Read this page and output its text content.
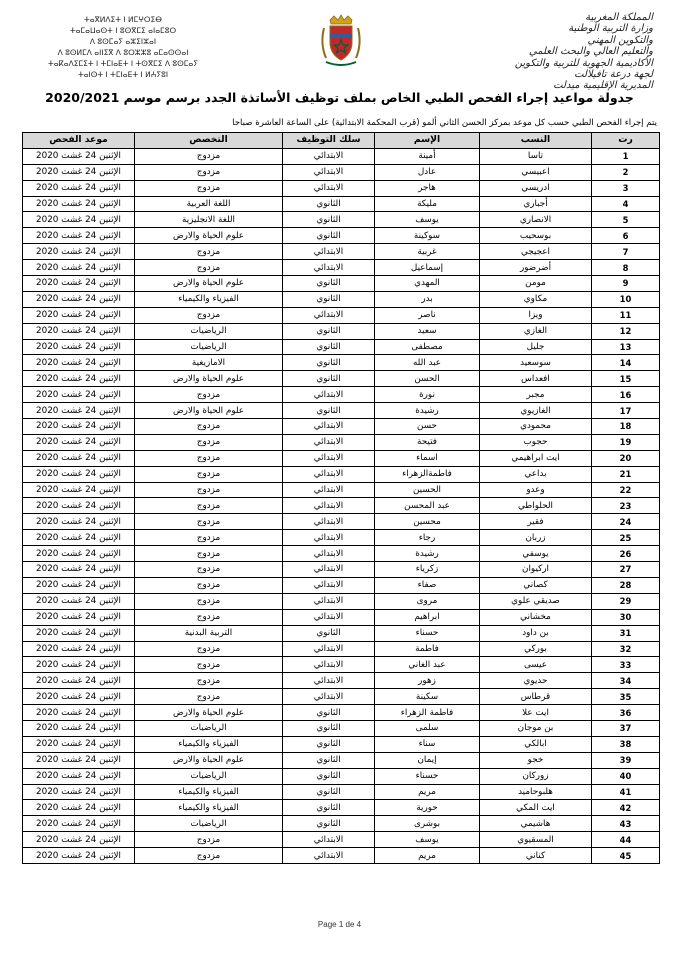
ⵜⴰⴳⵍⴷⵉⵜ ⵏ ⵍⵎⵖⵔⵉⴱ
ⵜⴰⵎⴰⵡⴰⵙⵜ ⵏ ⵓⵙⴳⵎⵉ ⴰⵏⴰⵎⵓⵔ
ⴷ ⵓⵙⵎⴰⵢ ⴰⵣⵉⵏⵣⴰⵏ
ⴷ ⵓⵙⵍⵎⴷ ⴰⵏⵏⵉⴳ ⴷ ⵓⵔⵣⵣⵓ ⴰⵎⴰⵙⵙⴰⵏ
ⵜⴰⴽⴰⴷⵉⵎⵉⵜ ⵏ ⵜⵎⵏⴰⴹⵜ ⵏ ⵜⵙⴳⵎⵉ ⴷ ⵓⵙⵎⴰⵢ
ⵜⴰⵏⵙⵜ ⵏ ⵜⵎⵏⴰⴹⵜ ⵏ ⵍⵄⵢⵓⵏ
المملكة المغربية
وزارة التربية الوطنية
والتكوين المهني
والتعليم العالي والبحث العلمي
الأكاديمية الجهوية للتربية والتكوين
لجهة درعة تافيلالت
المديرية الإقليمية ميدلت
جدولة مواعيد إجراء الفحص الطبي الخاص بملف توظيف الأساتذة الجدد برسم موسم 2020/2021
يتم إجراء الفحص الطبي حسب كل موعد بمركز الحسن الثاني ألمو (قرب المحكمة الابتدائية) على الساعة العاشرة صباحا
رت	النسب	الإسم	سلك التوظيف	التخصص	موعد الفحص
1	تاسا	أمينة	الابتدائي	مزدوج	الإثنين 24 غشت 2020
2	اعبيسي	عادل	الابتدائي	مزدوج	الإثنين 24 غشت 2020
3	ادريسي	هاجر	الابتدائي	مزدوج	الإثنين 24 غشت 2020
4	أجباري	مليكة	الثانوي	اللغة العربية	الإثنين 24 غشت 2020
5	الانصاري	يوسف	الثانوي	اللغة الانجليزية	الإثنين 24 غشت 2020
6	بوسحيب	سوكينة	الثانوي	علوم الحياة والارض	الإثنين 24 غشت 2020
7	اعجيجي	غربية	الابتدائي	مزدوج	الإثنين 24 غشت 2020
8	أضرضور	إسماعيل	الابتدائي	مزدوج	الإثنين 24 غشت 2020
9	مومن	المهدي	الثانوي	علوم الحياة والارض	الإثنين 24 غشت 2020
10	مكاوي	بدر	الثانوي	الفيزياء والكيمياء	الإثنين 24 غشت 2020
11	ويزا	ناصر	الابتدائي	مزدوج	الإثنين 24 غشت 2020
12	الغازي	سعيد	الثانوي	الرياضيات	الإثنين 24 غشت 2020
13	جليل	مصطفى	الثانوي	الرياضيات	الإثنين 24 غشت 2020
14	سوسعيد	عبد الله	الثانوي	الامازيغية	الإثنين 24 غشت 2020
15	افعداس	الحسن	الثانوي	علوم الحياة والارض	الإثنين 24 غشت 2020
16	مجبر	نورة	الابتدائي	مزدوج	الإثنين 24 غشت 2020
17	الغازيوي	رشيدة	الثانوي	علوم الحياة والارض	الإثنين 24 غشت 2020
18	محمودي	حسن	الابتدائي	مزدوج	الإثنين 24 غشت 2020
19	حجوب	فتيحة	الابتدائي	مزدوج	الإثنين 24 غشت 2020
20	ايت ابراهيمي	اسماء	الابتدائي	مزدوج	الإثنين 24 غشت 2020
21	بداعي	فاطمةالزهراء	الابتدائي	مزدوج	الإثنين 24 غشت 2020
22	وعدو	الحسين	الابتدائي	مزدوج	الإثنين 24 غشت 2020
23	الحلواطي	عبد المحسن	الابتدائي	مزدوج	الإثنين 24 غشت 2020
24	فقير	محسين	الابتدائي	مزدوج	الإثنين 24 غشت 2020
25	زربان	رجاء	الابتدائي	مزدوج	الإثنين 24 غشت 2020
26	يوسفي	رشيدة	الابتدائي	مزدوج	الإثنين 24 غشت 2020
27	اركيوان	زكرياء	الابتدائي	مزدوج	الإثنين 24 غشت 2020
28	كصاني	صفاء	الابتدائي	مزدوج	الإثنين 24 غشت 2020
29	صديقي علوي	مروى	الابتدائي	مزدوج	الإثنين 24 غشت 2020
30	مخشاني	ابراهيم	الابتدائي	مزدوج	الإثنين 24 غشت 2020
31	بن داود	حسناء	الثانوي	التربية البدنية	الإثنين 24 غشت 2020
32	بوركي	فاطمة	الابتدائي	مزدوج	الإثنين 24 غشت 2020
33	عيسى	عبد الغاني	الابتدائي	مزدوج	الإثنين 24 غشت 2020
34	حديوي	زهور	الابتدائي	مزدوج	الإثنين 24 غشت 2020
35	قرطاس	سكينة	الابتدائي	مزدوج	الإثنين 24 غشت 2020
36	ايت علا	فاطمة الزهراء	الثانوي	علوم الحياة والارض	الإثنين 24 غشت 2020
37	بن موجان	سلمى	الثانوي	الرياضيات	الإثنين 24 غشت 2020
38	ابالكي	سناء	الثانوي	الفيزياء والكيمياء	الإثنين 24 غشت 2020
39	خجو	إيمان	الثانوي	علوم الحياة والارض	الإثنين 24 غشت 2020
40	زوركان	حسناء	الثانوي	الرياضيات	الإثنين 24 غشت 2020
41	هلبوحاميد	مريم	الثانوي	الفيزياء والكيمياء	الإثنين 24 غشت 2020
42	ايت المكي	حورية	الثانوي	الفيزياء والكيمياء	الإثنين 24 غشت 2020
43	هاشيمي	بوشرى	الثانوي	الرياضيات	الإثنين 24 غشت 2020
44	المسقيوي	يوسف	الابتدائي	مزدوج	الإثنين 24 غشت 2020
45	كناني	مريم	الابتدائي	مزدوج	الإثنين 24 غشت 2020
Page 1 de 4
